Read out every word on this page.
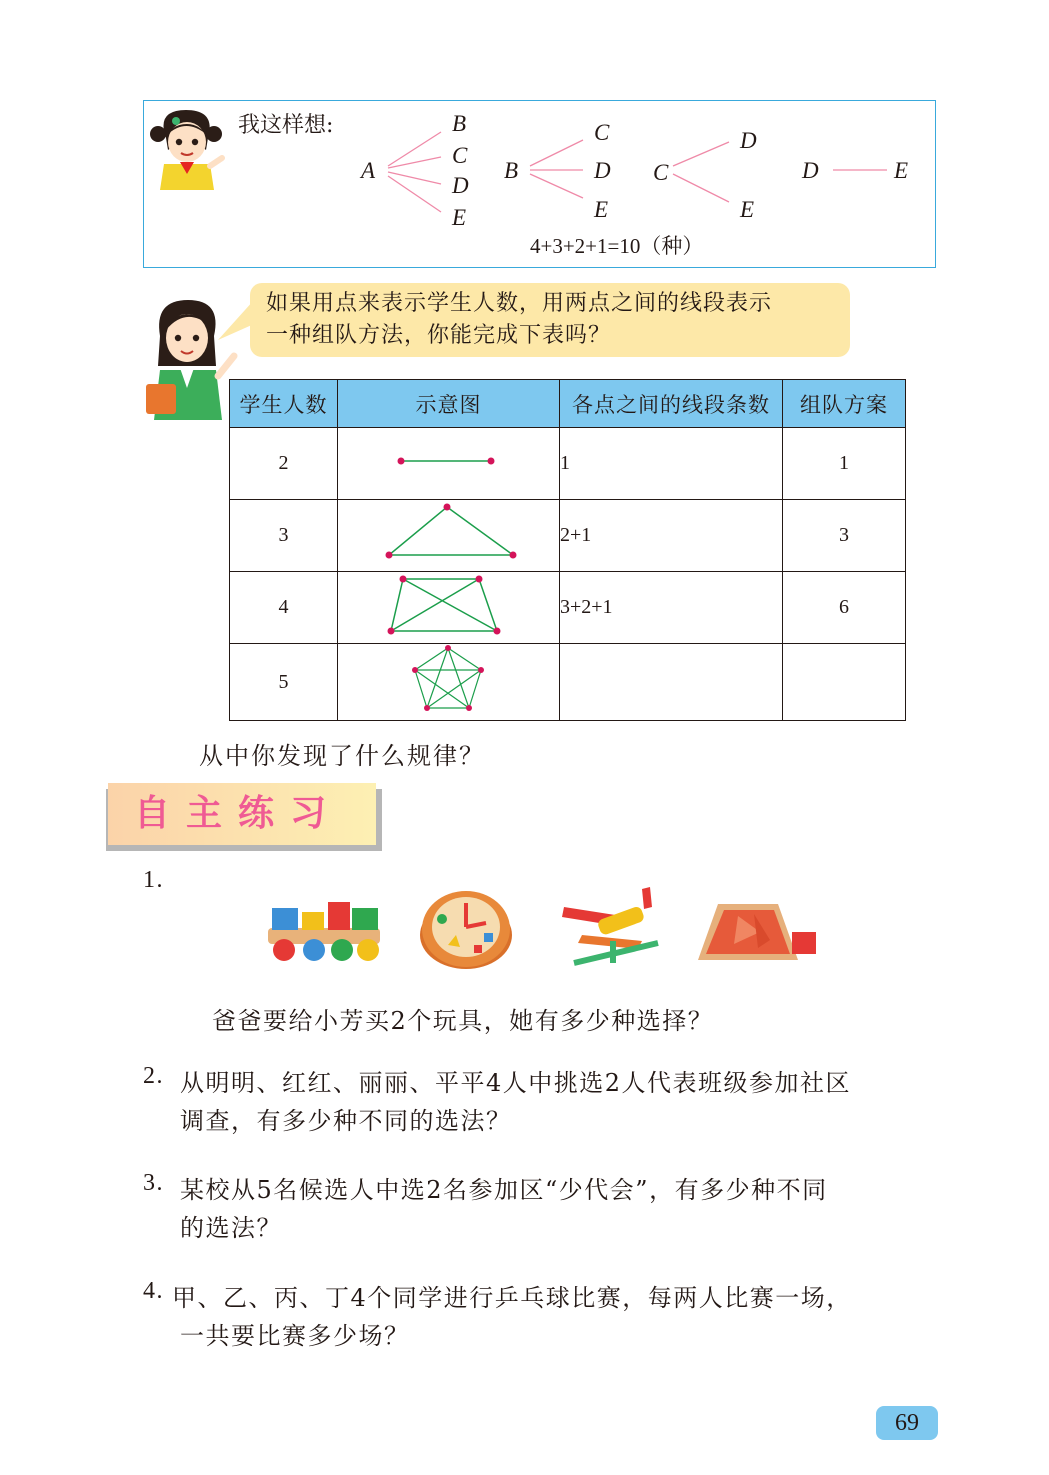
我这样想:
A
B
C
D
E
B
C
D
E
C
D
E
D	E
4+3+2+1=10（种）
如果用点来表示学生人数，用两点之间的线段表示
一种组队方法，你能完成下表吗？
学生人数	示意图	各点之间的线段条数	组队方案
2		1	1
3		2+1	3
4		3+2+1	6
5			
从中你发现了什么规律？
自主练习
1.
爸爸要给小芳买2个玩具，她有多少种选择？
2. 从明明、红红、丽丽、平平4人中挑选2人代表班级参加社区
调查，有多少种不同的选法？
3. 某校从5名候选人中选2名参加区“少代会”，有多少种不同
的选法？
4. 甲、乙、丙、丁4个同学进行乒乓球比赛，每两人比赛一场，
一共要比赛多少场？
69
